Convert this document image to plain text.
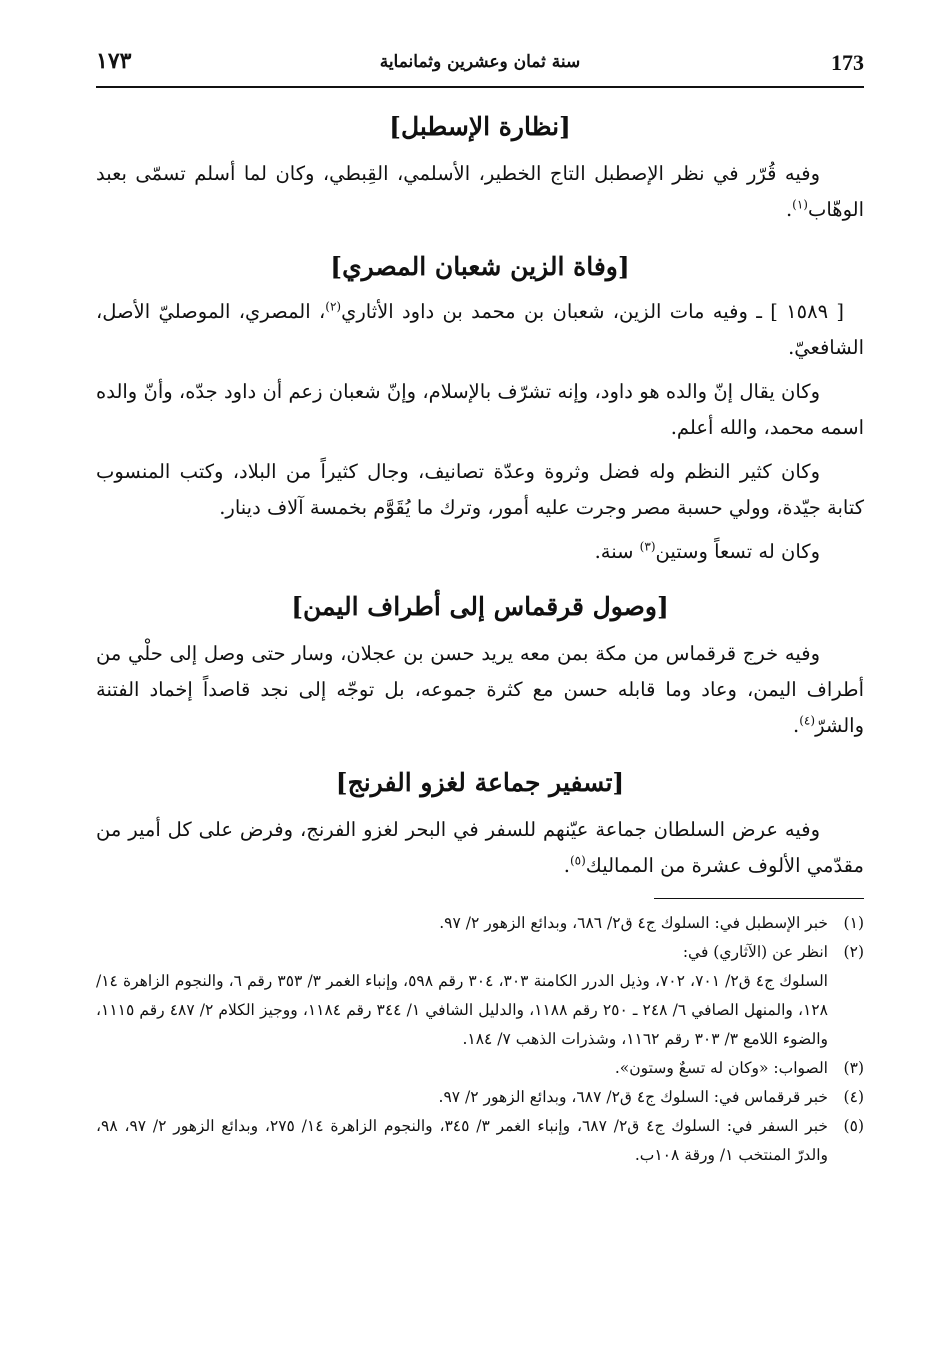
173
سنة ثمان وعشرين وثمانماية
١٧٣
[نظارة الإسطبل]

وفيه قُرّر في نظر الإصطبل التاج الخطير، الأسلمي، القِبطي، وكان لما أسلم تسمّى بعبد الوهّاب$^{(١)}$.

[وفاة الزين شعبان المصري]

[ ١٥٨٩ ] ـ وفيه مات الزين، شعبان بن محمد بن داود الأثاري$^{(٢)}$، المصري، الموصليّ الأصل، الشافعيّ.

وكان يقال إنّ والده هو داود، وإنه تشرّف بالإسلام، وإنّ شعبان زعم أن داود جدّه، وأنّ والده اسمه محمد، والله أعلم.

وكان كثير النظم وله فضل وثروة وعدّة تصانيف، وجال كثيراً من البلاد، وكتب المنسوب كتابة جيّدة، وولي حسبة مصر وجرت عليه أمور، وترك ما يُقَوَّم بخمسة آلاف دينار.

وكان له تسعاً وستين$^{(٣)}$ سنة.

[وصول قرقماس إلى أطراف اليمن]

وفيه خرج قرقماس من مكة بمن معه يريد حسن بن عجلان، وسار حتى وصل إلى حلْي من أطراف اليمن، وعاد وما قابله حسن مع كثرة جموعه، بل توجّه إلى نجد قاصداً إخماد الفتنة والشرّ$^{(٤)}$.

[تسفير جماعة لغزو الفرنج]

وفيه عرض السلطان جماعة عيّنهم للسفر في البحر لغزو الفرنج، وفرض على كل أمير من مقدّمي الألوف عشرة من المماليك$^{(٥)}$.

(١)
خبر الإسطبل في: السلوك ج٤ ق٢/ ٦٨٦، وبدائع الزهور ٢/ ٩٧.
(٢)
انظر عن (الآثاري) في:
السلوك ج٤ ق٢/ ٧٠١، ٧٠٢، وذيل الدرر الكامنة ٣٠٣، ٣٠٤ رقم ٥٩٨، وإنباء الغمر ٣/ ٣٥٣ رقم ٦، والنجوم الزاهرة ١٤/ ١٢٨، والمنهل الصافي ٦/ ٢٤٨ ـ ٢٥٠ رقم ١١٨٨، والدليل الشافي ١/ ٣٤٤ رقم ١١٨٤، ووجيز الكلام ٢/ ٤٨٧ رقم ١١١٥، والضوء اللامع ٣/ ٣٠٣ رقم ١١٦٢، وشذرات الذهب ٧/ ١٨٤.
(٣)
الصواب: «وكان له تسعٌ وستون».
(٤)
خبر قرقماس في: السلوك ج٤ ق٢/ ٦٨٧، وبدائع الزهور ٢/ ٩٧.
(٥)
خبر السفر في: السلوك ج٤ ق٢/ ٦٨٧، وإنباء الغمر ٣/ ٣٤٥، والنجوم الزاهرة ١٤/ ٢٧٥، وبدائع الزهور ٢/ ٩٧، ٩٨، والدرّ المنتخب ١/ ورقة ١٠٨ب.
